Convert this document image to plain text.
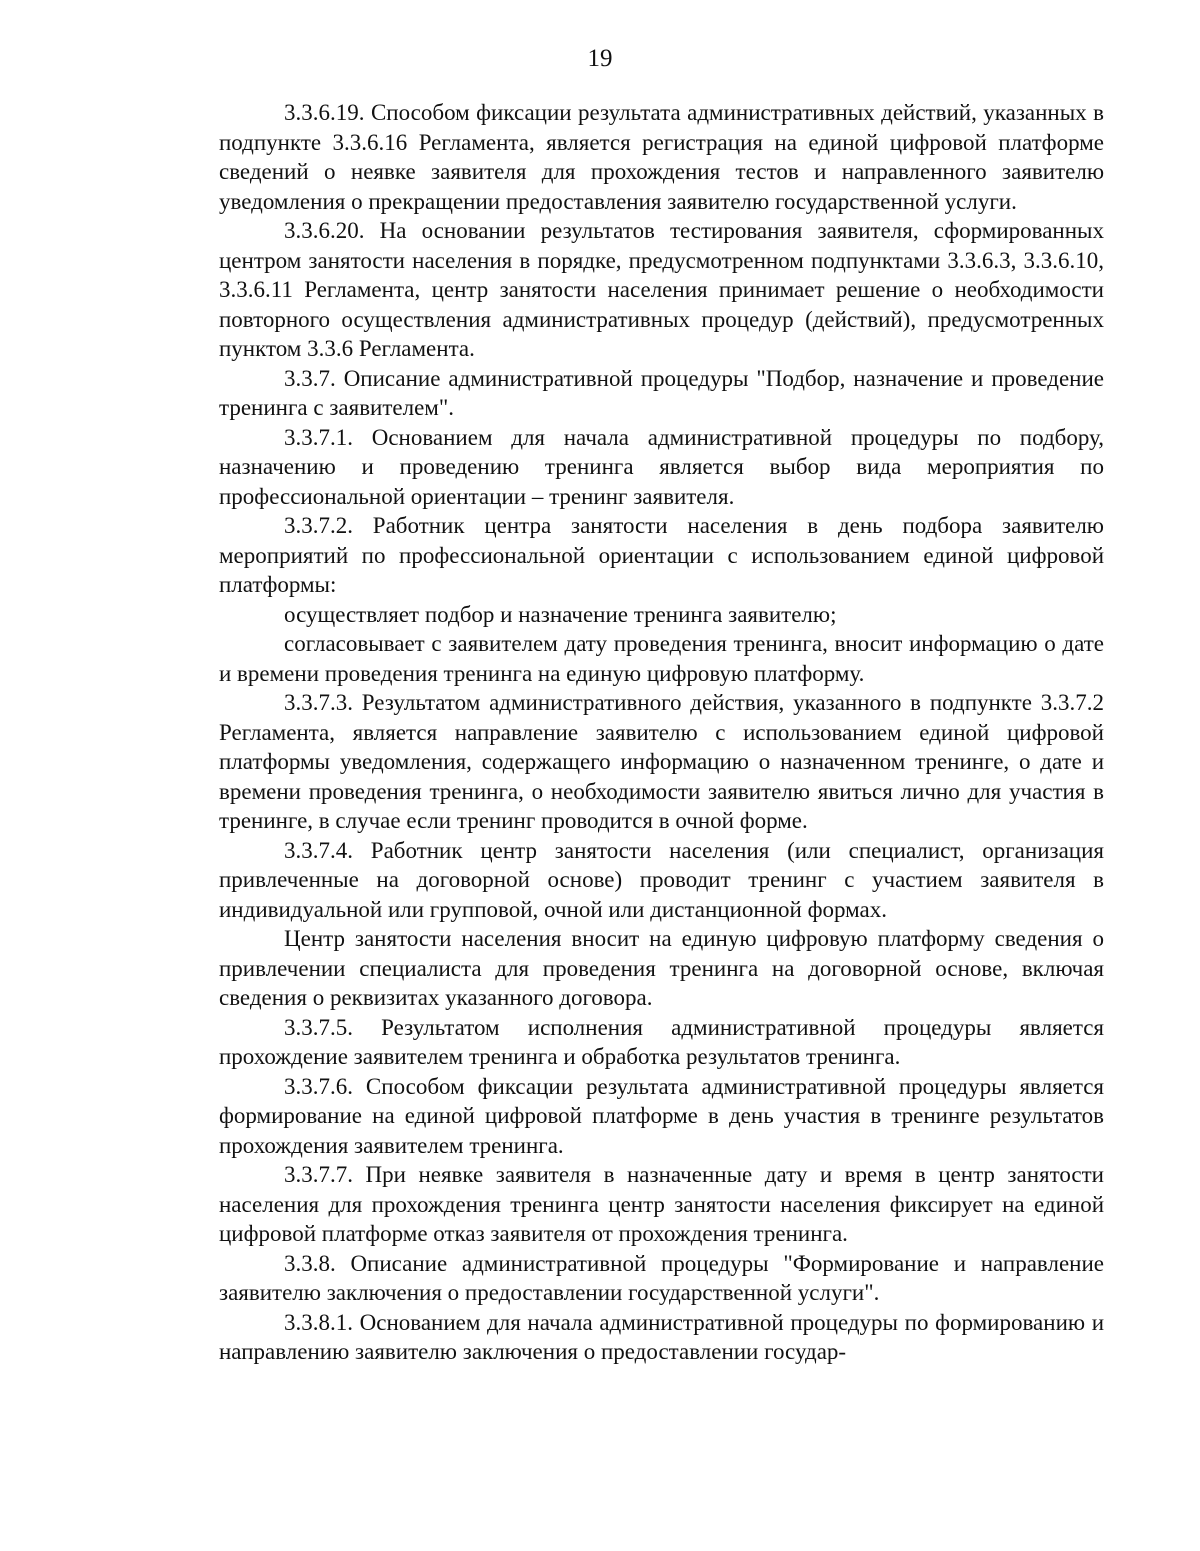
19

3.3.6.19. Способом фиксации результата административных действий, указанных в подпункте 3.3.6.16 Регламента, является регистрация на единой цифровой платформе сведений о неявке заявителя для прохождения тестов и направленного заявителю уведомления о прекращении предоставления заявителю государственной услуги.

3.3.6.20. На основании результатов тестирования заявителя, сформированных центром занятости населения в порядке, предусмотренном подпунктами 3.3.6.3, 3.3.6.10, 3.3.6.11 Регламента, центр занятости населения принимает решение о необходимости повторного осуществления административных процедур (действий), предусмотренных пунктом 3.3.6 Регламента.

3.3.7. Описание административной процедуры "Подбор, назначение и проведение тренинга с заявителем".

3.3.7.1. Основанием для начала административной процедуры по подбору, назначению и проведению тренинга является выбор вида мероприятия по профессиональной ориентации – тренинг заявителя.

3.3.7.2. Работник центра занятости населения в день подбора заявителю мероприятий по профессиональной ориентации с использованием единой цифровой платформы:

осуществляет подбор и назначение тренинга заявителю;

согласовывает с заявителем дату проведения тренинга, вносит информацию о дате и времени проведения тренинга на единую цифровую платформу.

3.3.7.3. Результатом административного действия, указанного в подпункте 3.3.7.2 Регламента, является направление заявителю с использованием единой цифровой платформы уведомления, содержащего информацию о назначенном тренинге, о дате и времени проведения тренинга, о необходимости заявителю явиться лично для участия в тренинге, в случае если тренинг проводится в очной форме.

3.3.7.4. Работник центр занятости населения (или специалист, организация привлеченные на договорной основе) проводит тренинг с участием заявителя в индивидуальной или групповой, очной или дистанционной формах.

Центр занятости населения вносит на единую цифровую платформу сведения о привлечении специалиста для проведения тренинга на договорной основе, включая сведения о реквизитах указанного договора.

3.3.7.5. Результатом исполнения административной процедуры является прохождение заявителем тренинга и обработка результатов тренинга.

3.3.7.6. Способом фиксации результата административной процедуры является формирование на единой цифровой платформе в день участия в тренинге результатов прохождения заявителем тренинга.

3.3.7.7. При неявке заявителя в назначенные дату и время в центр занятости населения для прохождения тренинга центр занятости населения фиксирует на единой цифровой платформе отказ заявителя от прохождения тренинга.

3.3.8. Описание административной процедуры "Формирование и направление заявителю заключения о предоставлении государственной услуги".

3.3.8.1. Основанием для начала административной процедуры по формированию и направлению заявителю заключения о предоставлении государ-
